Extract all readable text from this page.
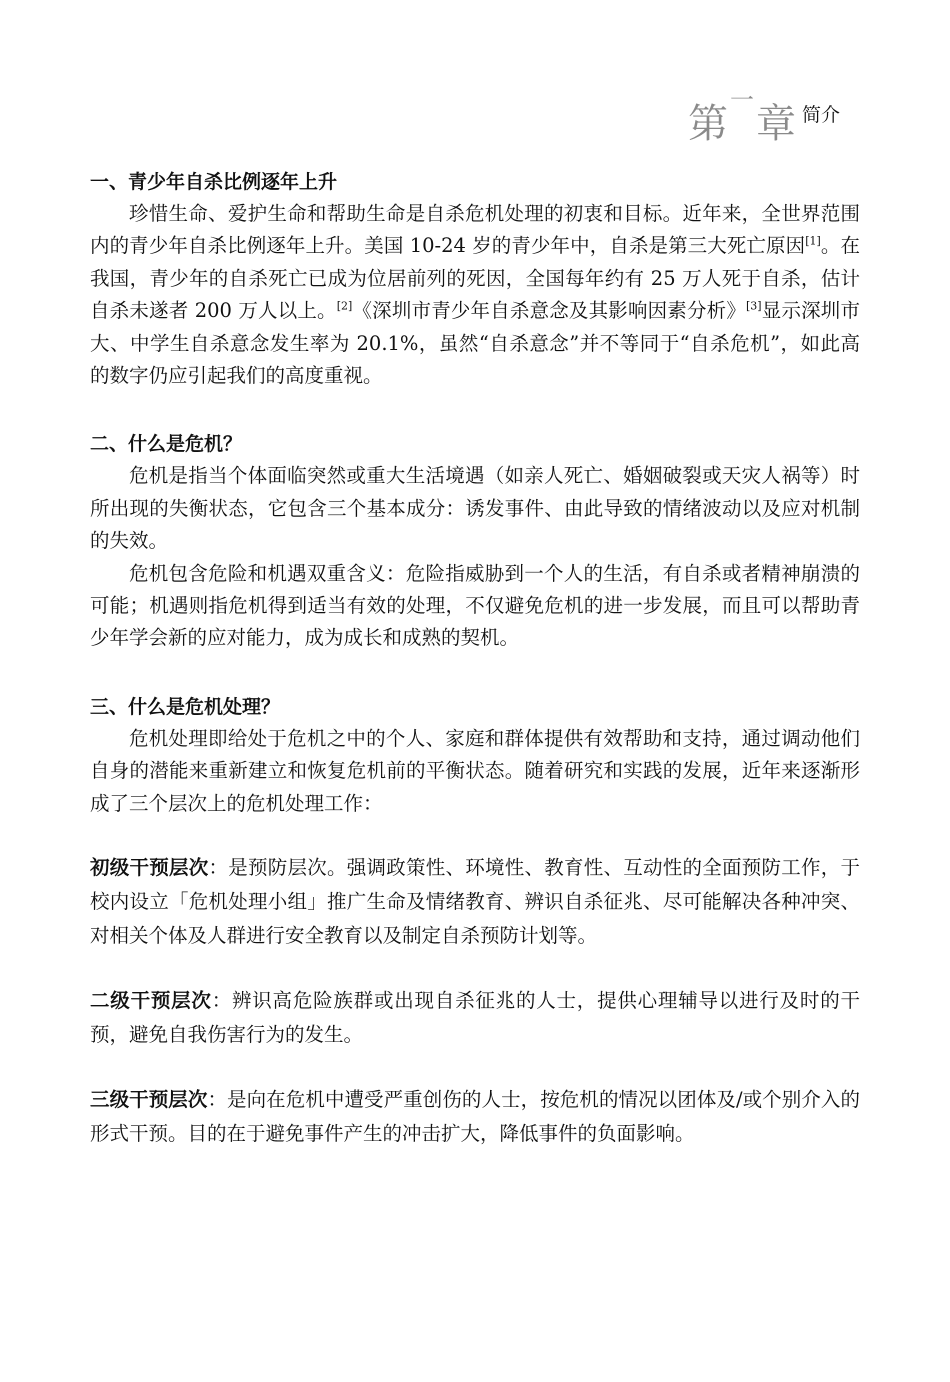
第
一
章 简介
一、青少年自杀比例逐年上升

珍惜生命、爱护生命和帮助生命是自杀危机处理的初衷和目标。近年来，全世界范围内的青少年自杀比例逐年上升。美国 10-24 岁的青少年中，自杀是第三大死亡原因[1]。在我国，青少年的自杀死亡已成为位居前列的死因，全国每年约有 25 万人死于自杀，估计自杀未遂者 200 万人以上。[2]《深圳市青少年自杀意念及其影响因素分析》[3]显示深圳市大、中学生自杀意念发生率为 20.1%，虽然“自杀意念”并不等同于“自杀危机”，如此高的数字仍应引起我们的高度重视。

二、什么是危机？

危机是指当个体面临突然或重大生活境遇（如亲人死亡、婚姻破裂或天灾人祸等）时所出现的失衡状态，它包含三个基本成分：诱发事件、由此导致的情绪波动以及应对机制的失效。

危机包含危险和机遇双重含义：危险指威胁到一个人的生活，有自杀或者精神崩溃的可能；机遇则指危机得到适当有效的处理，不仅避免危机的进一步发展，而且可以帮助青少年学会新的应对能力，成为成长和成熟的契机。

三、什么是危机处理？

危机处理即给处于危机之中的个人、家庭和群体提供有效帮助和支持，通过调动他们自身的潜能来重新建立和恢复危机前的平衡状态。随着研究和实践的发展，近年来逐渐形成了三个层次上的危机处理工作：

初级干预层次：是预防层次。强调政策性、环境性、教育性、互动性的全面预防工作，于校内设立「危机处理小组」推广生命及情绪教育、辨识自杀征兆、尽可能解决各种冲突、对相关个体及人群进行安全教育以及制定自杀预防计划等。

二级干预层次：辨识高危险族群或出现自杀征兆的人士，提供心理辅导以进行及时的干预，避免自我伤害行为的发生。

三级干预层次：是向在危机中遭受严重创伤的人士，按危机的情况以团体及/或个别介入的形式干预。目的在于避免事件产生的冲击扩大，降低事件的负面影响。
